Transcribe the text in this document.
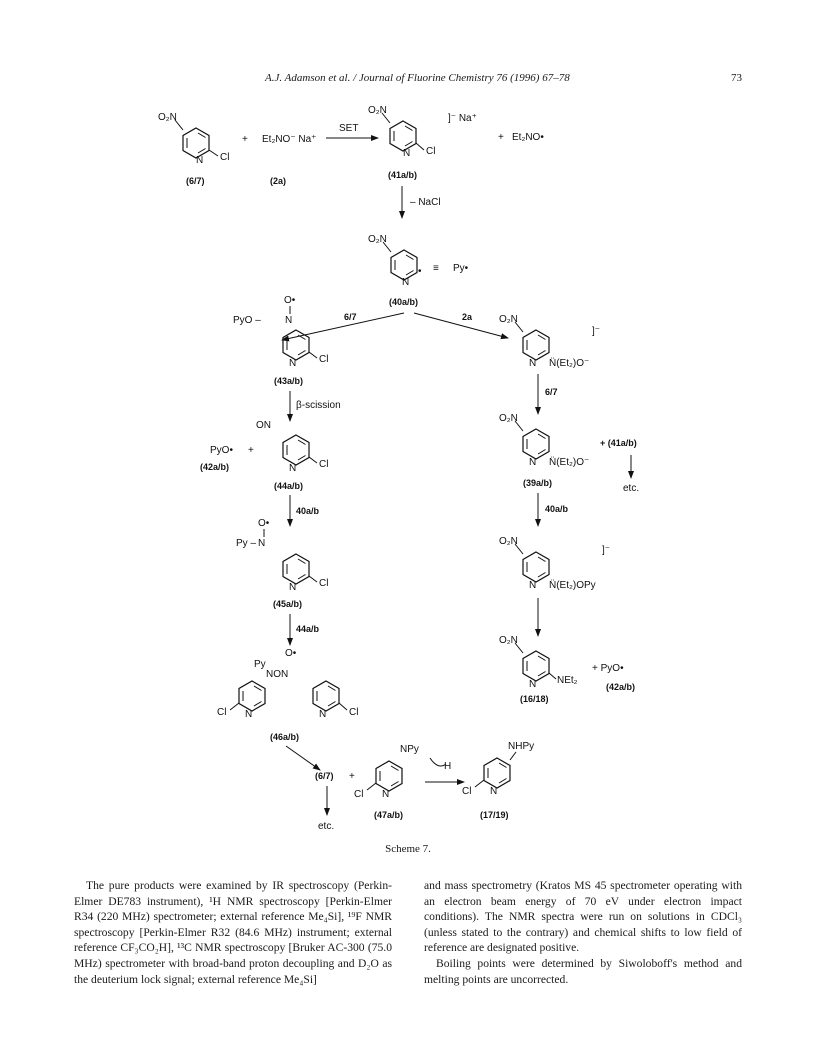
A.J. Adamson et al. / Journal of Fluorine Chemistry 76 (1996) 67–78	73
O₂N
N Cl
(6/7)
+ Et₂NO⁻ Na⁺
(2a)
SET
O₂N
N Cl
]⁻ Na⁺
(41a/b)
+ Et₂NO•
– NaCl
O₂N
N
• ≡ Py•
(40a/b)
6/7	2a
O•
PyO – N
N Cl
(43a/b)
β-scission
PyO• +
(42a/b)
ON
N Cl
(44a/b)
40a/b
O•
Py – N
N Cl
(45a/b)
44a/b
O•
Py
NON
N
Cl	N Cl
(46a/b)
O₂N
N N̈(Et₂)O⁻
]⁻
6/7
O₂N
N N̈(Et₂)O⁻
(39a/b)
+ (41a/b)
etc.
40a/b
O₂N
N N̈(Et₂)OPy
]⁻
O₂N
N NEt₂
(16/18)
+ PyO•
(42a/b)
(6/7)
etc.
+
NPy
N
Cl
(47a/b)
H
NHPy
N
Cl
(17/19)
Scheme 7.

The pure products were examined by IR spectroscopy (Perkin-Elmer DE783 instrument), ¹H NMR spectroscopy [Perkin-Elmer R34 (220 MHz) spectrometer; external reference Me₄Si], ¹⁹F NMR spectroscopy [Perkin-Elmer R32 (84.6 MHz) instrument; external reference CF₃CO₂H], ¹³C NMR spectroscopy [Bruker AC-300 (75.0 MHz) spectrometer with broad-band proton decoupling and D₂O as the deuterium lock signal; external reference Me₄Si]

and mass spectrometry (Kratos MS 45 spectrometer operating with an electron beam energy of 70 eV under electron impact conditions). The NMR spectra were run on solutions in CDCl₃ (unless stated to the contrary) and chemical shifts to low field of reference are designated positive.

Boiling points were determined by Siwoloboff's method and melting points are uncorrected.
